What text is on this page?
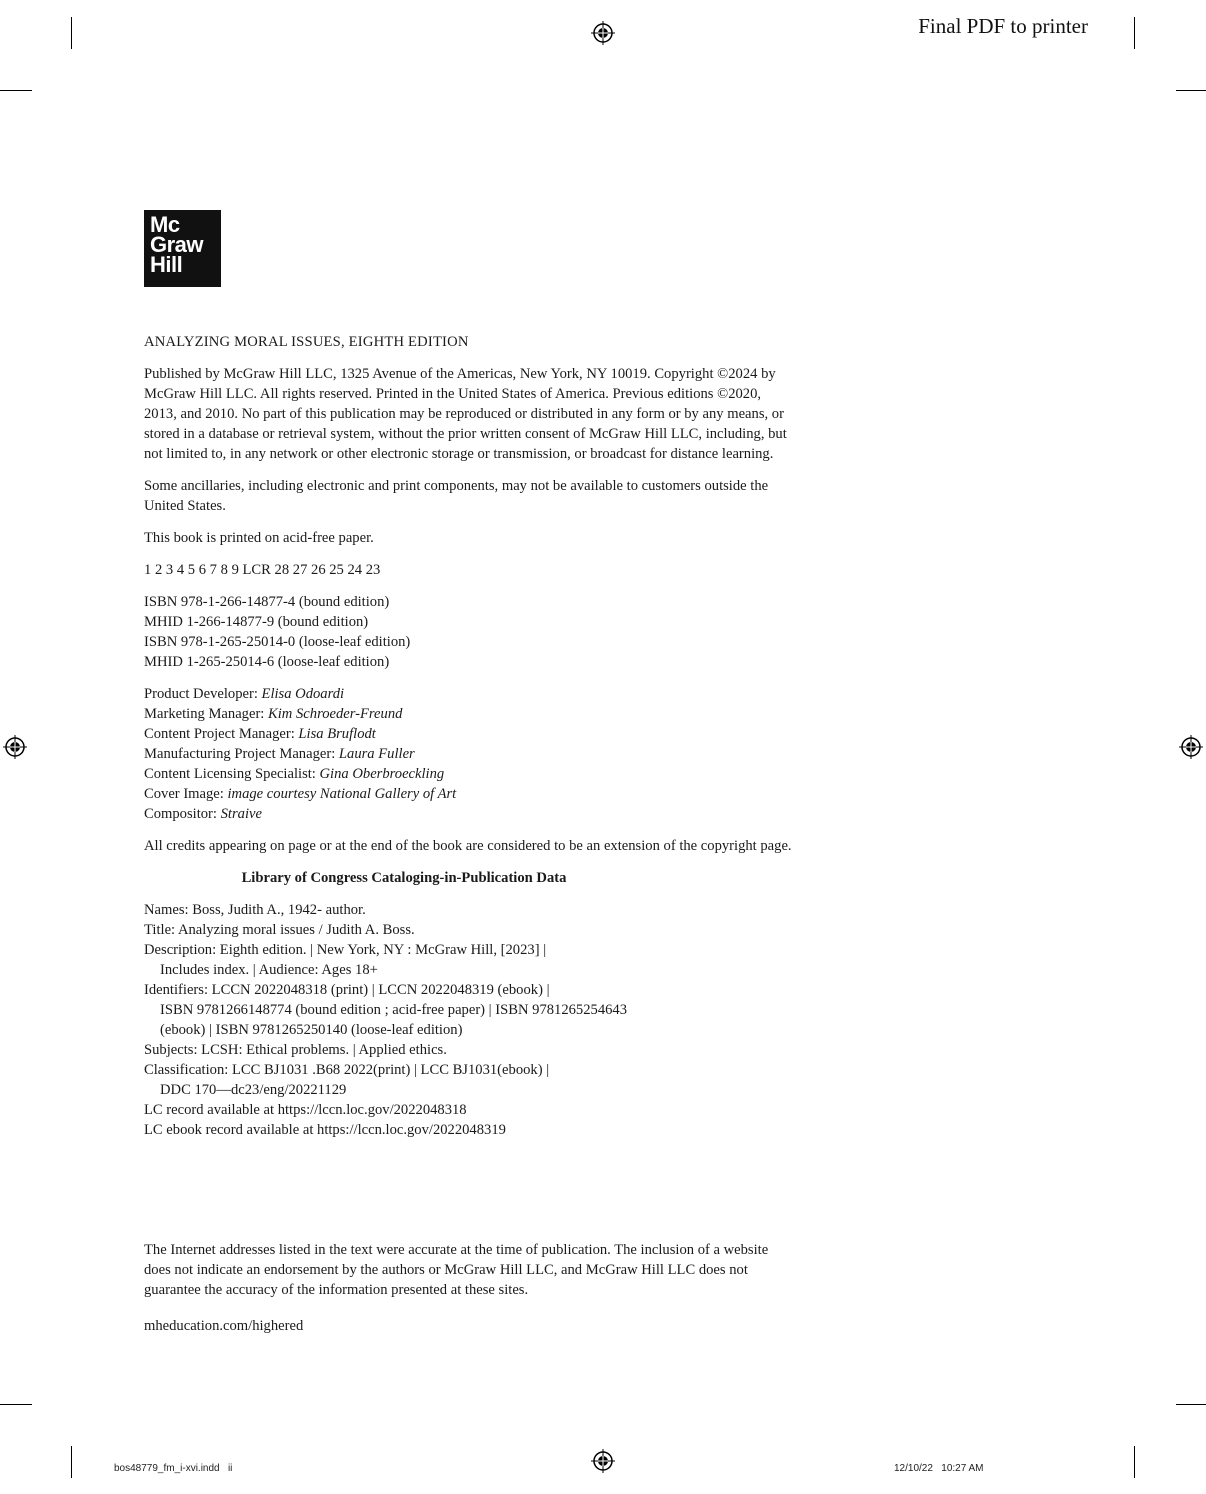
Final PDF to printer
Mc
Graw
Hill

ANALYZING MORAL ISSUES, EIGHTH EDITION

Published by McGraw Hill LLC, 1325 Avenue of the Americas, New York, NY 10019. Copyright ©2024 by
McGraw Hill LLC. All rights reserved. Printed in the United States of America. Previous editions ©2020,
2013, and 2010. No part of this publication may be reproduced or distributed in any form or by any means, or
stored in a database or retrieval system, without the prior written consent of McGraw Hill LLC, including, but
not limited to, in any network or other electronic storage or transmission, or broadcast for distance learning.

Some ancillaries, including electronic and print components, may not be available to customers outside the
United States.

This book is printed on acid-free paper.

1 2 3 4 5 6 7 8 9 LCR 28 27 26 25 24 23

ISBN 978-1-266-14877-4 (bound edition)
MHID 1-266-14877-9 (bound edition)
ISBN 978-1-265-25014-0 (loose-leaf edition)
MHID 1-265-25014-6 (loose-leaf edition)

Product Developer: Elisa Odoardi
Marketing Manager: Kim Schroeder-Freund
Content Project Manager: Lisa Bruflodt
Manufacturing Project Manager: Laura Fuller
Content Licensing Specialist: Gina Oberbroeckling
Cover Image: image courtesy National Gallery of Art
Compositor: Straive

All credits appearing on page or at the end of the book are considered to be an extension of the copyright page.

Library of Congress Cataloging-in-Publication Data

Names: Boss, Judith A., 1942- author.
Title: Analyzing moral issues / Judith A. Boss.
Description: Eighth edition. | New York, NY : McGraw Hill, [2023] |
Includes index. | Audience: Ages 18+
Identifiers: LCCN 2022048318 (print) | LCCN 2022048319 (ebook) |
ISBN 9781266148774 (bound edition ; acid-free paper) | ISBN 9781265254643
(ebook) | ISBN 9781265250140 (loose-leaf edition)
Subjects: LCSH: Ethical problems. | Applied ethics.
Classification: LCC BJ1031 .B68 2022(print) | LCC BJ1031(ebook) |
DDC 170—dc23/eng/20221129
LC record available at https://lccn.loc.gov/2022048318
LC ebook record available at https://lccn.loc.gov/2022048319

The Internet addresses listed in the text were accurate at the time of publication. The inclusion of a website
does not indicate an endorsement by the authors or McGraw Hill LLC, and McGraw Hill LLC does not
guarantee the accuracy of the information presented at these sites.

mheducation.com/highered

bos48779_fm_i-xvi.indd   ii	12/10/22   10:27 AM
